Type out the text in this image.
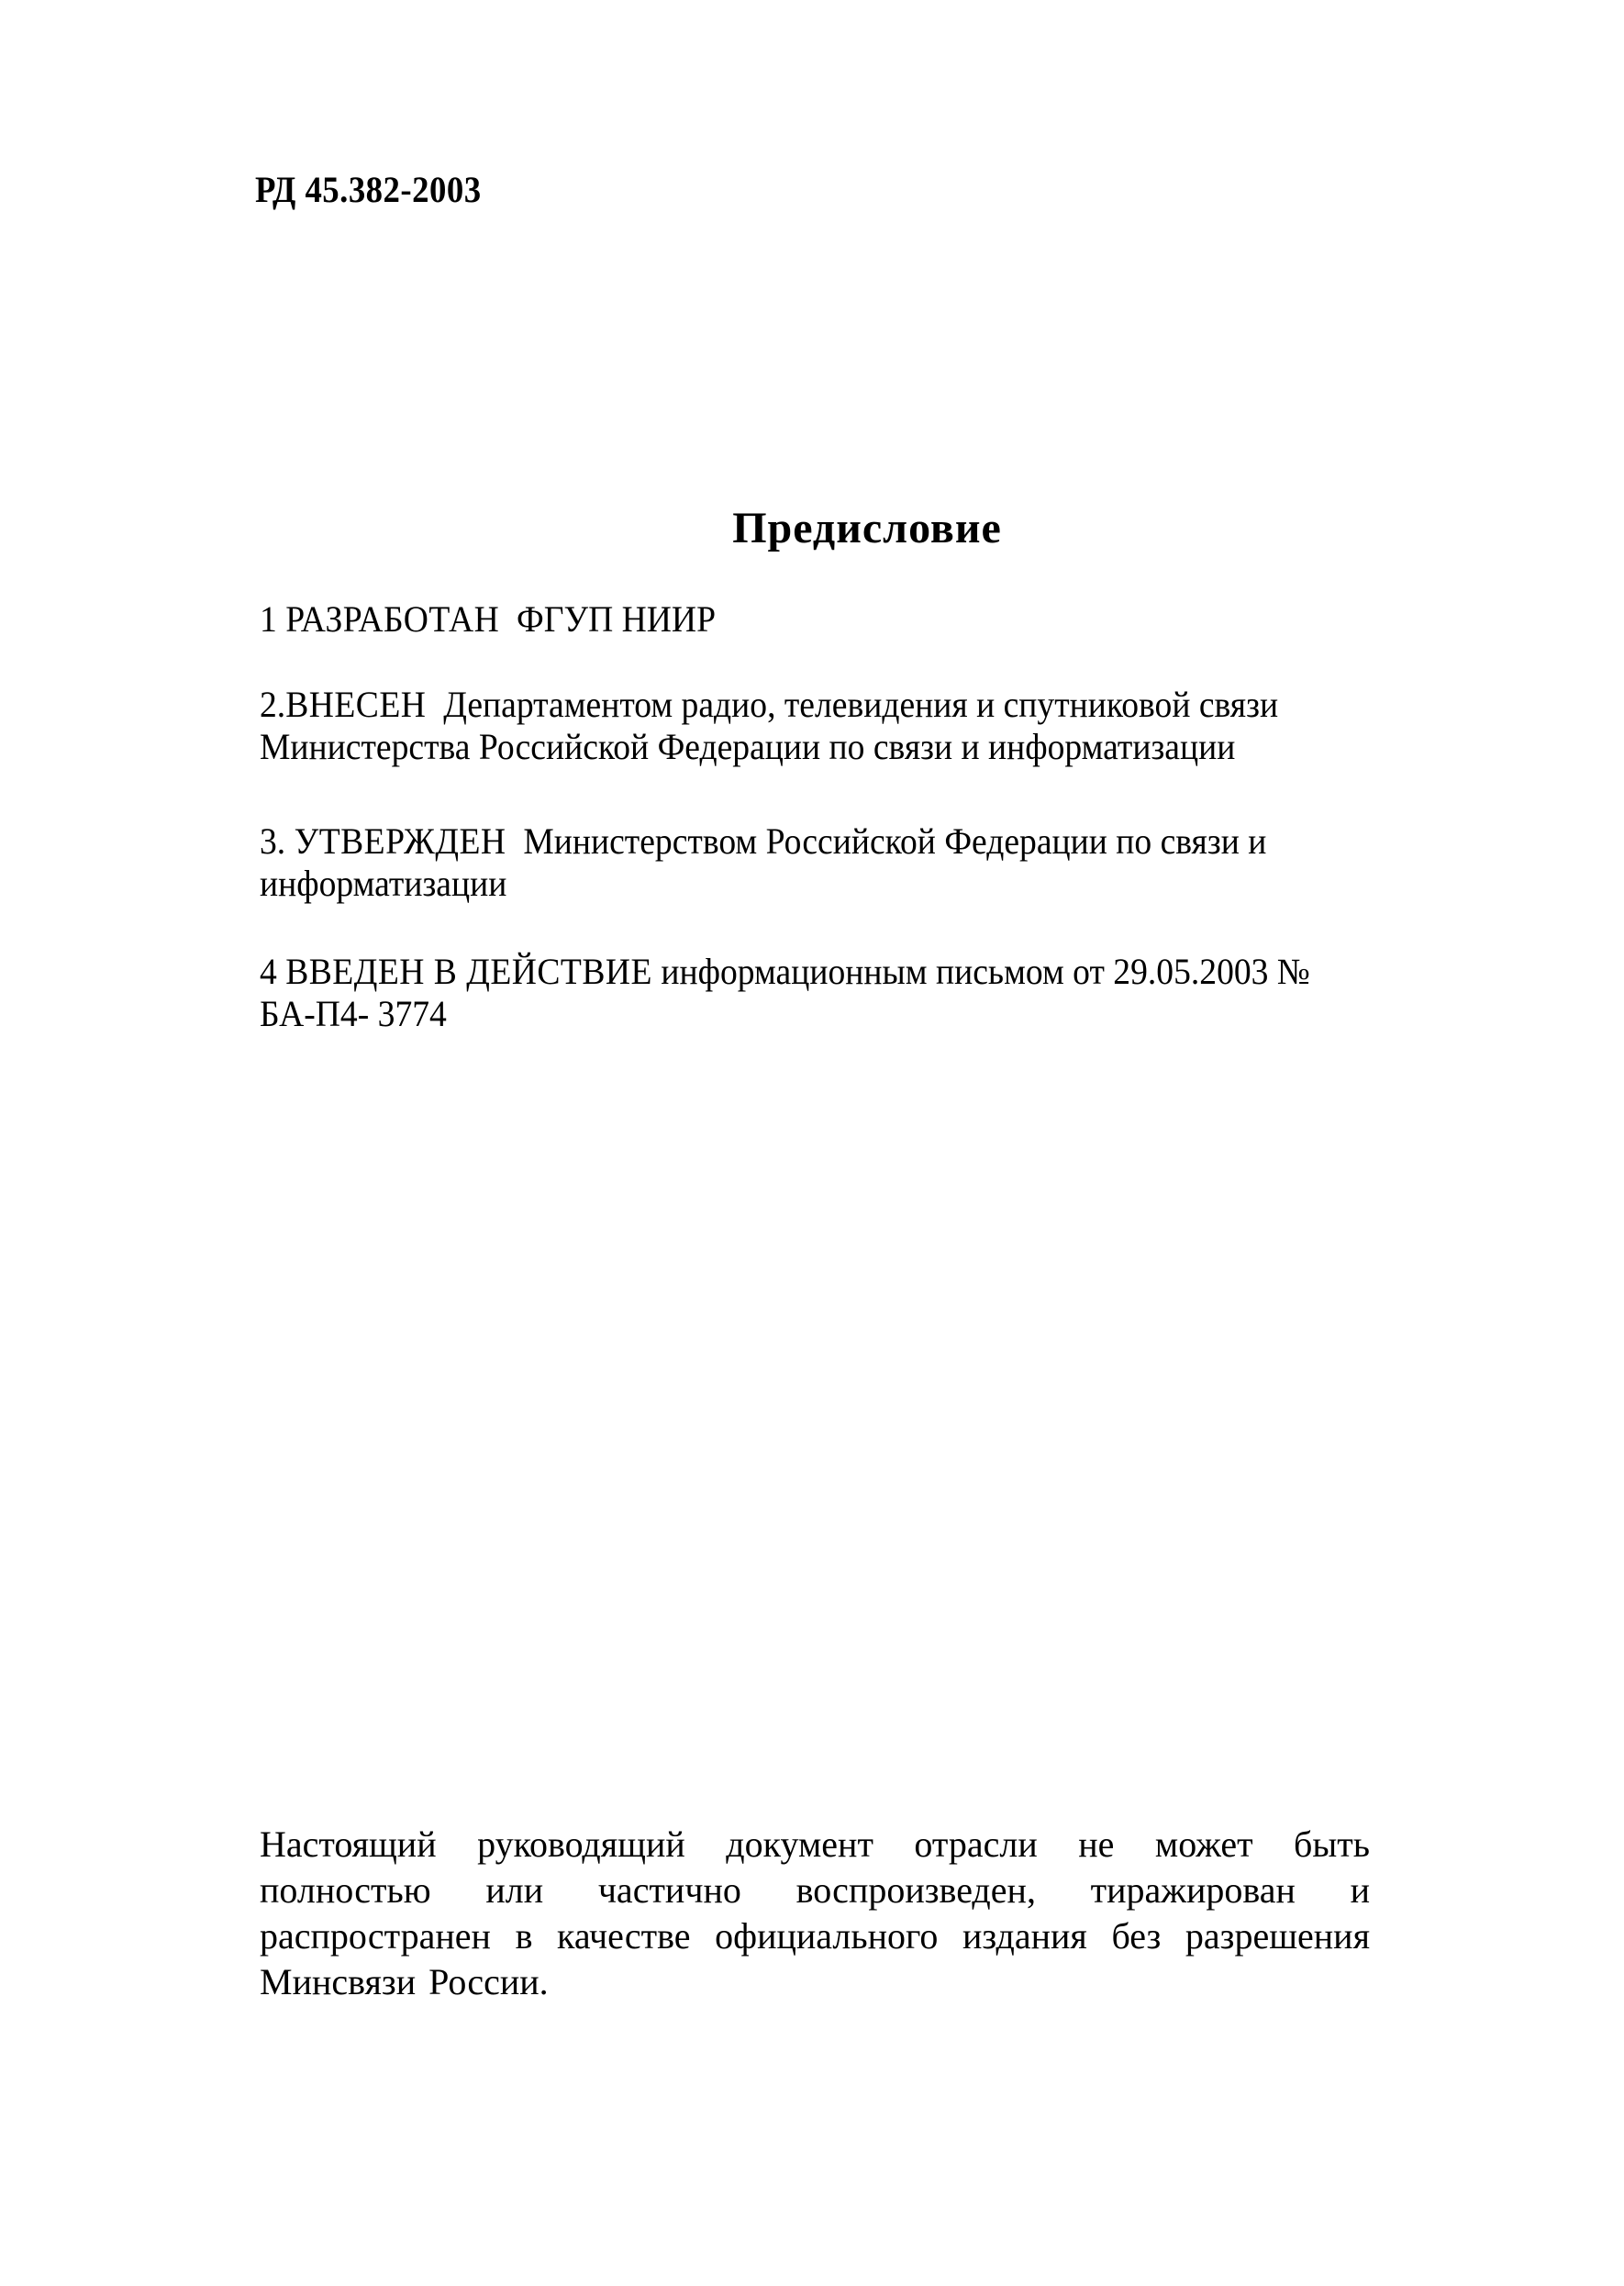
РД 45.382-2003
Предисловие
1 РАЗРАБОТАН ФГУП НИИР
2.ВНЕСЕН Департаментом радио, телевидения и спутниковой связи Министерства Российской Федерации по связи и информатизации
3. УТВЕРЖДЕН Министерством Российской Федерации по связи и информатизации
4 ВВЕДЕН В ДЕЙСТВИЕ информационным письмом от 29.05.2003 № БА-П4- 3774
Настоящий руководящий документ отрасли не может быть полностью или частично воспроизведен, тиражирован и распространен в качестве официального издания без разрешения Минсвязи России.
